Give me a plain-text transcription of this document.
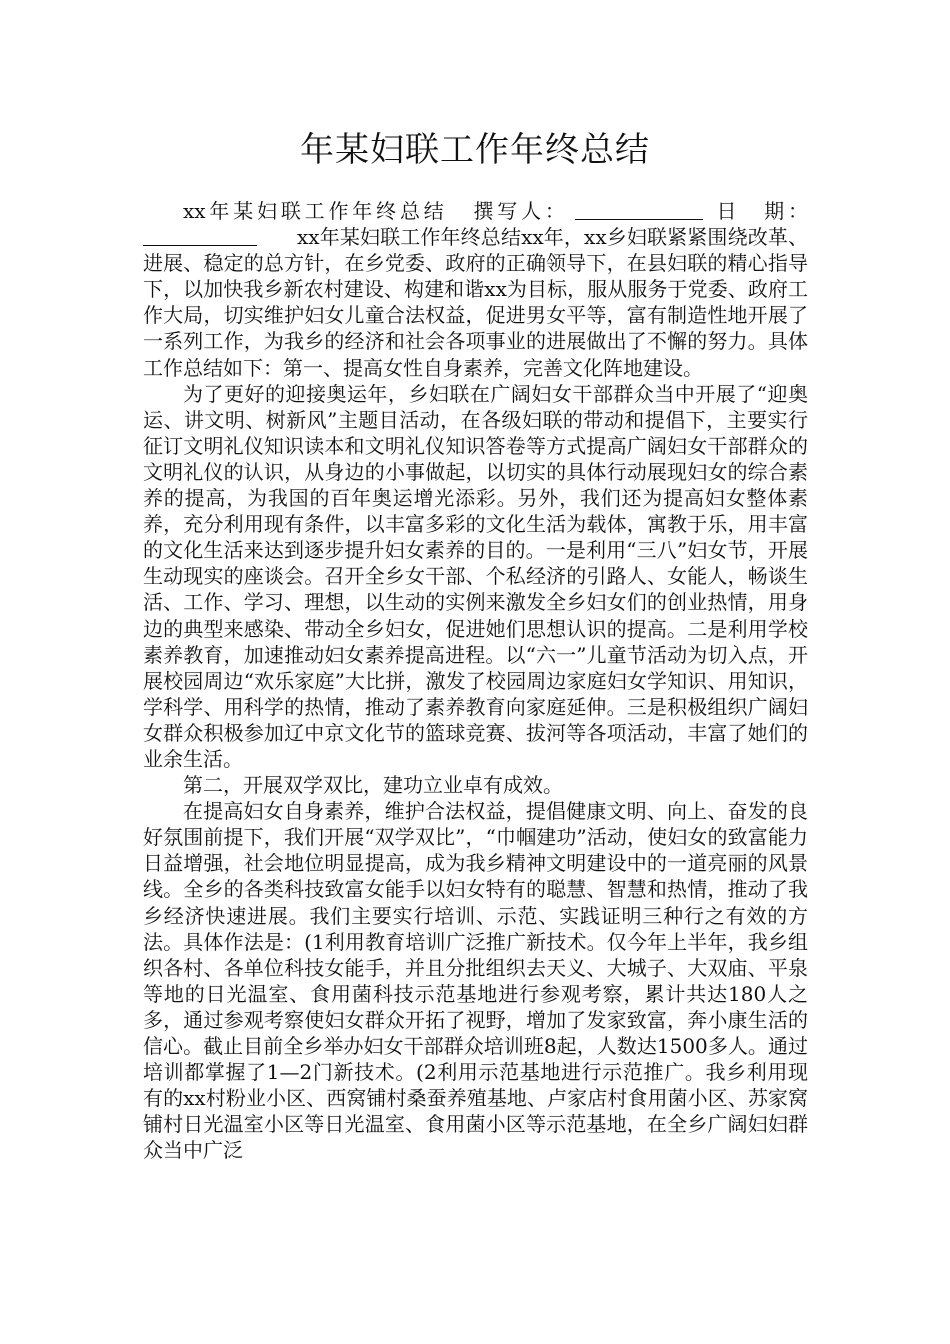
年某妇联工作年终总结

xx年某妇联工作年终总结 撰写人：	日　期：xx年某妇联工作年终总结xx年，xx乡妇联紧紧围绕改革、进展、稳定的总方针，在乡党委、政府的正确领导下，在县妇联的精心指导下，以加快我乡新农村建设、构建和谐xx为目标，服从服务于党委、政府工作大局，切实维护妇女儿童合法权益，促进男女平等，富有制造性地开展了一系列工作，为我乡的经济和社会各项事业的进展做出了不懈的努力。具体工作总结如下：第一、提高女性自身素养，完善文化阵地建设。

为了更好的迎接奥运年，乡妇联在广阔妇女干部群众当中开展了“迎奥运、讲文明、树新风”主题目活动，在各级妇联的带动和提倡下，主要实行征订文明礼仪知识读本和文明礼仪知识答卷等方式提高广阔妇女干部群众的文明礼仪的认识，从身边的小事做起，以切实的具体行动展现妇女的综合素养的提高，为我国的百年奥运增光添彩。另外，我们还为提高妇女整体素养，充分利用现有条件，以丰富多彩的文化生活为载体，寓教于乐，用丰富的文化生活来达到逐步提升妇女素养的目的。一是利用“三八”妇女节，开展生动现实的座谈会。召开全乡女干部、个私经济的引路人、女能人，畅谈生活、工作、学习、理想，以生动的实例来激发全乡妇女们的创业热情，用身边的典型来感染、带动全乡妇女，促进她们思想认识的提高。二是利用学校素养教育，加速推动妇女素养提高进程。以“六一”儿童节活动为切入点，开展校园周边“欢乐家庭”大比拼，激发了校园周边家庭妇女学知识、用知识，学科学、用科学的热情，推动了素养教育向家庭延伸。三是积极组织广阔妇女群众积极参加辽中京文化节的篮球竞赛、拔河等各项活动，丰富了她们的业余生活。

第二，开展双学双比，建功立业卓有成效。

在提高妇女自身素养，维护合法权益，提倡健康文明、向上、奋发的良好氛围前提下，我们开展“双学双比”，“巾帼建功”活动，使妇女的致富能力日益增强，社会地位明显提高，成为我乡精神文明建设中的一道亮丽的风景线。全乡的各类科技致富女能手以妇女特有的聪慧、智慧和热情，推动了我乡经济快速进展。我们主要实行培训、示范、实践证明三种行之有效的方法。具体作法是：(1利用教育培训广泛推广新技术。仅今年上半年，我乡组织各村、各单位科技女能手，并且分批组织去天义、大城子、大双庙、平泉等地的日光温室、食用菌科技示范基地进行参观考察，累计共达180人之多，通过参观考察使妇女群众开拓了视野，增加了发家致富，奔小康生活的信心。截止目前全乡举办妇女干部群众培训班8起，人数达1500多人。通过培训都掌握了1—2门新技术。(2利用示范基地进行示范推广。我乡利用现有的xx村粉业小区、西窝铺村桑蚕养殖基地、卢家店村食用菌小区、苏家窝铺村日光温室小区等日光温室、食用菌小区等示范基地，在全乡广阔妇妇群众当中广泛
